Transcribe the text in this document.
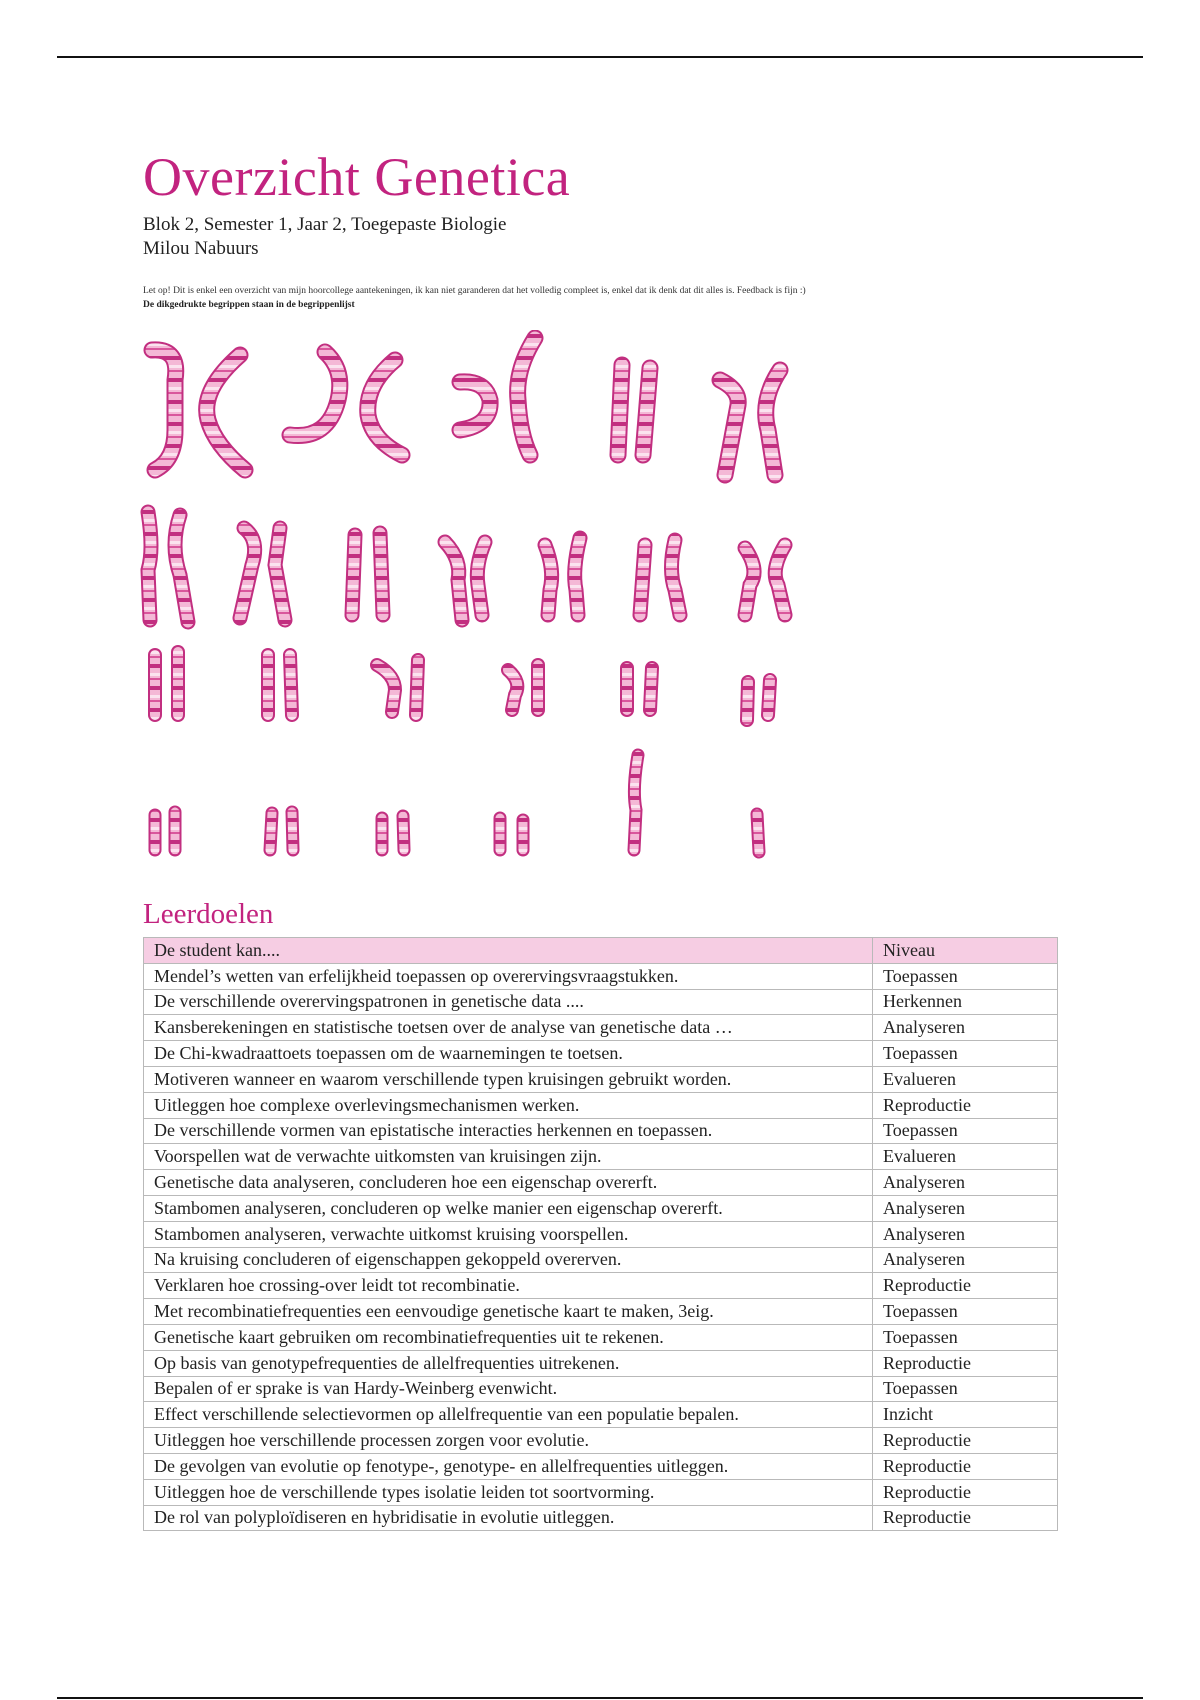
Overzicht Genetica
Blok 2, Semester 1, Jaar 2, Toegepaste Biologie
Milou Nabuurs
Let op! Dit is enkel een overzicht van mijn hoorcollege aantekeningen, ik kan niet garanderen dat het volledig compleet is, enkel dat ik denk dat dit alles is. Feedback is fijn :)
De dikgedrukte begrippen staan in de begrippenlijst
Leerdoelen
De student kan....	Niveau
Mendel’s wetten van erfelijkheid toepassen op overervingsvraagstukken.	Toepassen
De verschillende overervingspatronen in genetische data ....	Herkennen
Kansberekeningen en statistische toetsen over de analyse van genetische data …	Analyseren
De Chi-kwadraattoets toepassen om de waarnemingen te toetsen.	Toepassen
Motiveren wanneer en waarom verschillende typen kruisingen gebruikt worden.	Evalueren
Uitleggen hoe complexe overlevingsmechanismen werken.	Reproductie
De verschillende vormen van epistatische interacties herkennen en toepassen.	Toepassen
Voorspellen wat de verwachte uitkomsten van kruisingen zijn.	Evalueren
Genetische data analyseren, concluderen hoe een eigenschap overerft.	Analyseren
Stambomen analyseren, concluderen op welke manier een eigenschap overerft.	Analyseren
Stambomen analyseren, verwachte uitkomst kruising voorspellen.	Analyseren
Na kruising concluderen of eigenschappen gekoppeld overerven.	Analyseren
Verklaren hoe crossing-over leidt tot recombinatie.	Reproductie
Met recombinatiefrequenties een eenvoudige genetische kaart te maken, 3eig.	Toepassen
Genetische kaart gebruiken om recombinatiefrequenties uit te rekenen.	Toepassen
Op basis van genotypefrequenties de allelfrequenties uitrekenen.	Reproductie
Bepalen of er sprake is van Hardy-Weinberg evenwicht.	Toepassen
Effect verschillende selectievormen op allelfrequentie van een populatie bepalen.	Inzicht
Uitleggen hoe verschillende processen zorgen voor evolutie.	Reproductie
De gevolgen van evolutie op fenotype-, genotype- en allelfrequenties uitleggen.	Reproductie
Uitleggen hoe de verschillende types isolatie leiden tot soortvorming.	Reproductie
De rol van polyploïdiseren en hybridisatie in evolutie uitleggen.	Reproductie
